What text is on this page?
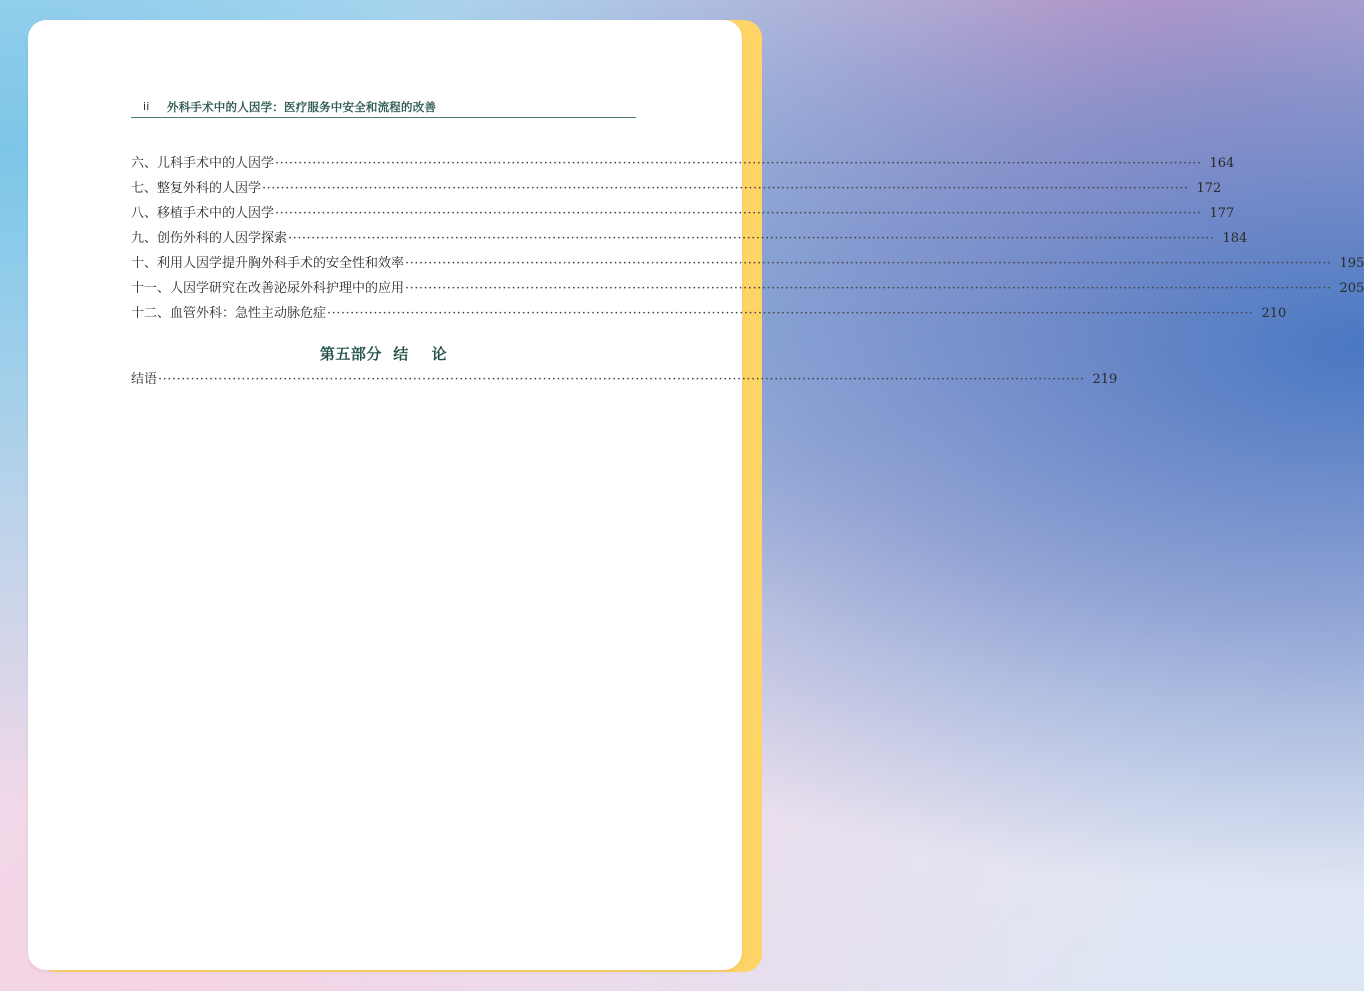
ii 外科手术中的人因学：医疗服务中安全和流程的改善
六、儿科手术中的人因学 ········································································································································································································ 164
七、整复外科的人因学 ········································································································································································································ 172
八、移植手术中的人因学 ········································································································································································································ 177
九、创伤外科的人因学探索 ········································································································································································································ 184
十、利用人因学提升胸外科手术的安全性和效率 ········································································································································································································ 195
十一、人因学研究在改善泌尿外科护理中的应用 ········································································································································································································ 205
十二、血管外科：急性主动脉危症 ········································································································································································································ 210
第五部分  结    论
结语 ········································································································································································································ 219
